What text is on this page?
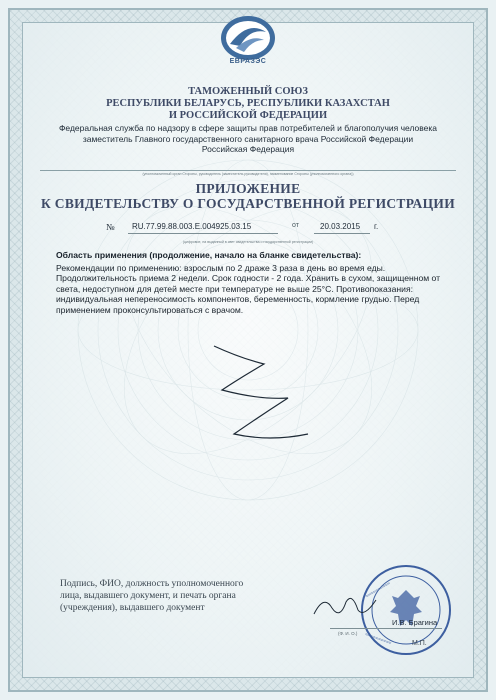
ЕВРАЗЭС
ТАМОЖЕННЫЙ СОЮЗ
РЕСПУБЛИКИ БЕЛАРУСЬ, РЕСПУБЛИКИ КАЗАХСТАН
И РОССИЙСКОЙ ФЕДЕРАЦИИ
Федеральная служба по надзору в сфере защиты прав потребителей и благополучия человека
заместитель Главного государственного санитарного врача Российской Федерации
Российская Федерация
(уполномоченный орган Стороны, руководитель (заместитель руководителя), наименование Стороны (уполномоченного органа))
ПРИЛОЖЕНИЕ
К СВИДЕТЕЛЬСТВУ О ГОСУДАРСТВЕННОЙ РЕГИСТРАЦИИ
№ RU.77.99.88.003.E.004925.03.15	от	20.03.2015 г.
(цифровое, на выданный в свет свидетельства о государственной регистрации)
Область применения (продолжение, начало на бланке свидетельства):

Рекомендации по применению: взрослым по 2 драже 3 раза в день во время еды. Продолжительность приема 2 недели. Срок годности - 2 года. Хранить в сухом, защищенном от света, недоступном для детей месте при температуре не выше 25°С. Противопоказания: индивидуальная непереносимость компонентов, беременность, кормление грудью. Перед применением проконсультироваться с врачом.

Подпись, ФИО, должность уполномоченного
лица, выдавшего документ, и печать органа
(учреждения), выдавшего документ
≈≈≈≈≈≈≈≈≈≈
≈≈≈≈≈≈≈≈≈≈
И.В. Брагина
(Ф. И. О.)
М.П.
